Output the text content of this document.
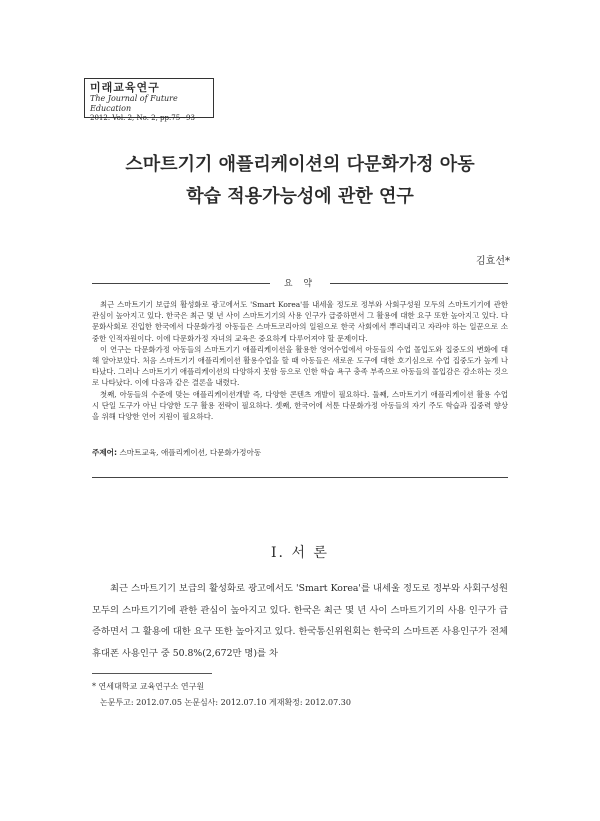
미래교육연구
The Journal of Future Education
2012. Vol. 2, No. 2, pp.75~93
스마트기기 애플리케이션의 다문화가정 아동
학습 적용가능성에 관한 연구
김효선*
요 약

최근 스마트기기 보급의 활성화로 광고에서도 'Smart Korea'를 내세울 정도로 정부와 사회구성원 모두의 스마트기기에 관한 관심이 높아지고 있다. 한국은 최근 몇 년 사이 스마트기기의 사용 인구가 급증하면서 그 활용에 대한 요구 또한 높아지고 있다. 다문화사회로 진입한 한국에서 다문화가정 아동들은 스마트코리아의 일원으로 한국 사회에서 뿌리내리고 자라야 하는 일꾼으로 소중한 인적자원이다. 이에 다문화가정 자녀의 교육은 중요하게 다루어져야 할 문제이다.

이 연구는 다문화가정 아동들의 스마트기기 애플리케이션을 활용한 영어수업에서 아동들의 수업 몰입도와 집중도의 변화에 대해 알아보았다. 처음 스마트기기 애플리케이션 활용수업을 할 때 아동들은 새로운 도구에 대한 호기심으로 수업 집중도가 높게 나타났다. 그러나 스마트기기 애플리케이션의 다양하지 못함 등으로 인한 학습 욕구 충족 부족으로 아동들의 몰입감은 감소하는 것으로 나타났다. 이에 다음과 같은 결론을 내렸다.

첫째, 아동들의 수준에 맞는 애플리케이션개발 즉, 다양한 콘텐츠 개발이 필요하다. 둘째, 스마트기기 애플리케이션 활용 수업 시 단일 도구가 아닌 다양한 도구 활용 전략이 필요하다. 셋째, 한국어에 서툰 다문화가정 아동들의 자기 주도 학습과 집중력 향상을 위해 다양한 언어 지원이 필요하다.

주제어: 스마트교육, 애플리케이션, 다문화가정아동
I. 서 론

최근 스마트기기 보급의 활성화로 광고에서도 'Smart Korea'를 내세울 정도로 정부와 사회구성원 모두의 스마트기기에 관한 관심이 높아지고 있다. 한국은 최근 몇 년 사이 스마트기기의 사용 인구가 급증하면서 그 활용에 대한 요구 또한 높아지고 있다. 한국통신위원회는 한국의 스마트폰 사용인구가 전체 휴대폰 사용인구 중 50.8%(2,672만 명)를 차

* 연세대학교 교육연구소 연구원
논문투고: 2012.07.05 논문심사: 2012.07.10 게재확정: 2012.07.30
